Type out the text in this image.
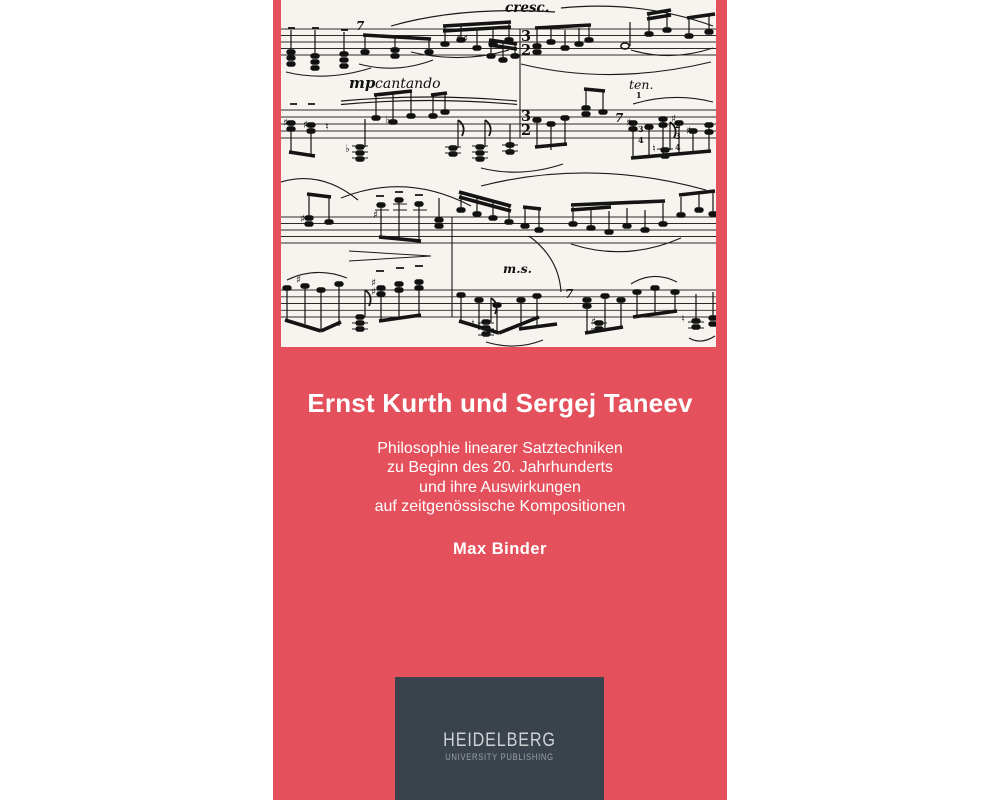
♯ ♯
♯ ♯ ♮
♭
♭	♯	♯
♯
♮
♯	♯
♯	♯
♯
♮	♯	♮
7
7
7
1
3
4
2
3
4
3
2
3
2
cresc.
mp cantando	ten.
m.s.
Ernst Kurth und Sergej Taneev
Philosophie linearer Satztechniken
zu Beginn des 20. Jahrhunderts
und ihre Auswirkungen
auf zeitgenössische Kompositionen
Max Binder
HEIDELBERG
UNIVERSITY PUBLISHING
